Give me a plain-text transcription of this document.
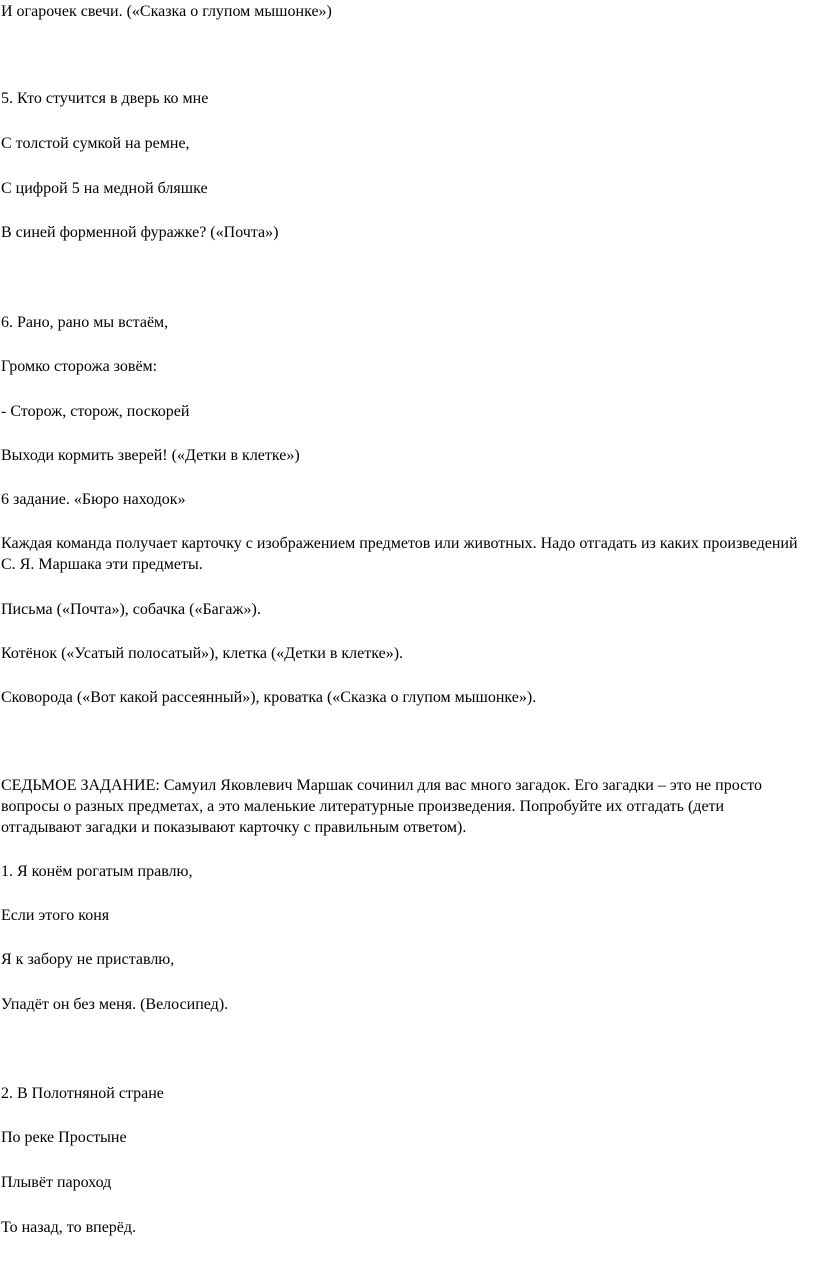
И огарочек свечи. («Сказка о глупом мышонке»)

5. Кто стучится в дверь ко мне

С толстой сумкой на ремне,

С цифрой 5 на медной бляшке

В синей форменной фуражке? («Почта»)

6. Рано, рано мы встаём,

Громко сторожа зовём:

- Сторож, сторож, поскорей

Выходи кормить зверей! («Детки в клетке»)

6 задание. «Бюро находок»

Каждая команда получает карточку с изображением предметов или животных. Надо отгадать из каких произведений С. Я. Маршака эти предметы.

Письма («Почта»), собачка («Багаж»).

Котёнок («Усатый полосатый»), клетка («Детки в клетке»).

Сковорода («Вот какой рассеянный»), кроватка («Сказка о глупом мышонке»).

СЕДЬМОЕ ЗАДАНИЕ: Самуил Яковлевич Маршак сочинил для вас много загадок. Его загадки – это не просто вопросы о разных предметах, а это маленькие литературные произведения. Попробуйте их отгадать (дети отгадывают загадки и показывают карточку с правильным ответом).

1. Я конём рогатым правлю,

Если этого коня

Я к забору не приставлю,

Упадёт он без меня. (Велосипед).

2. В Полотняной стране

По реке Простыне

Плывёт пароход

То назад, то вперёд.
